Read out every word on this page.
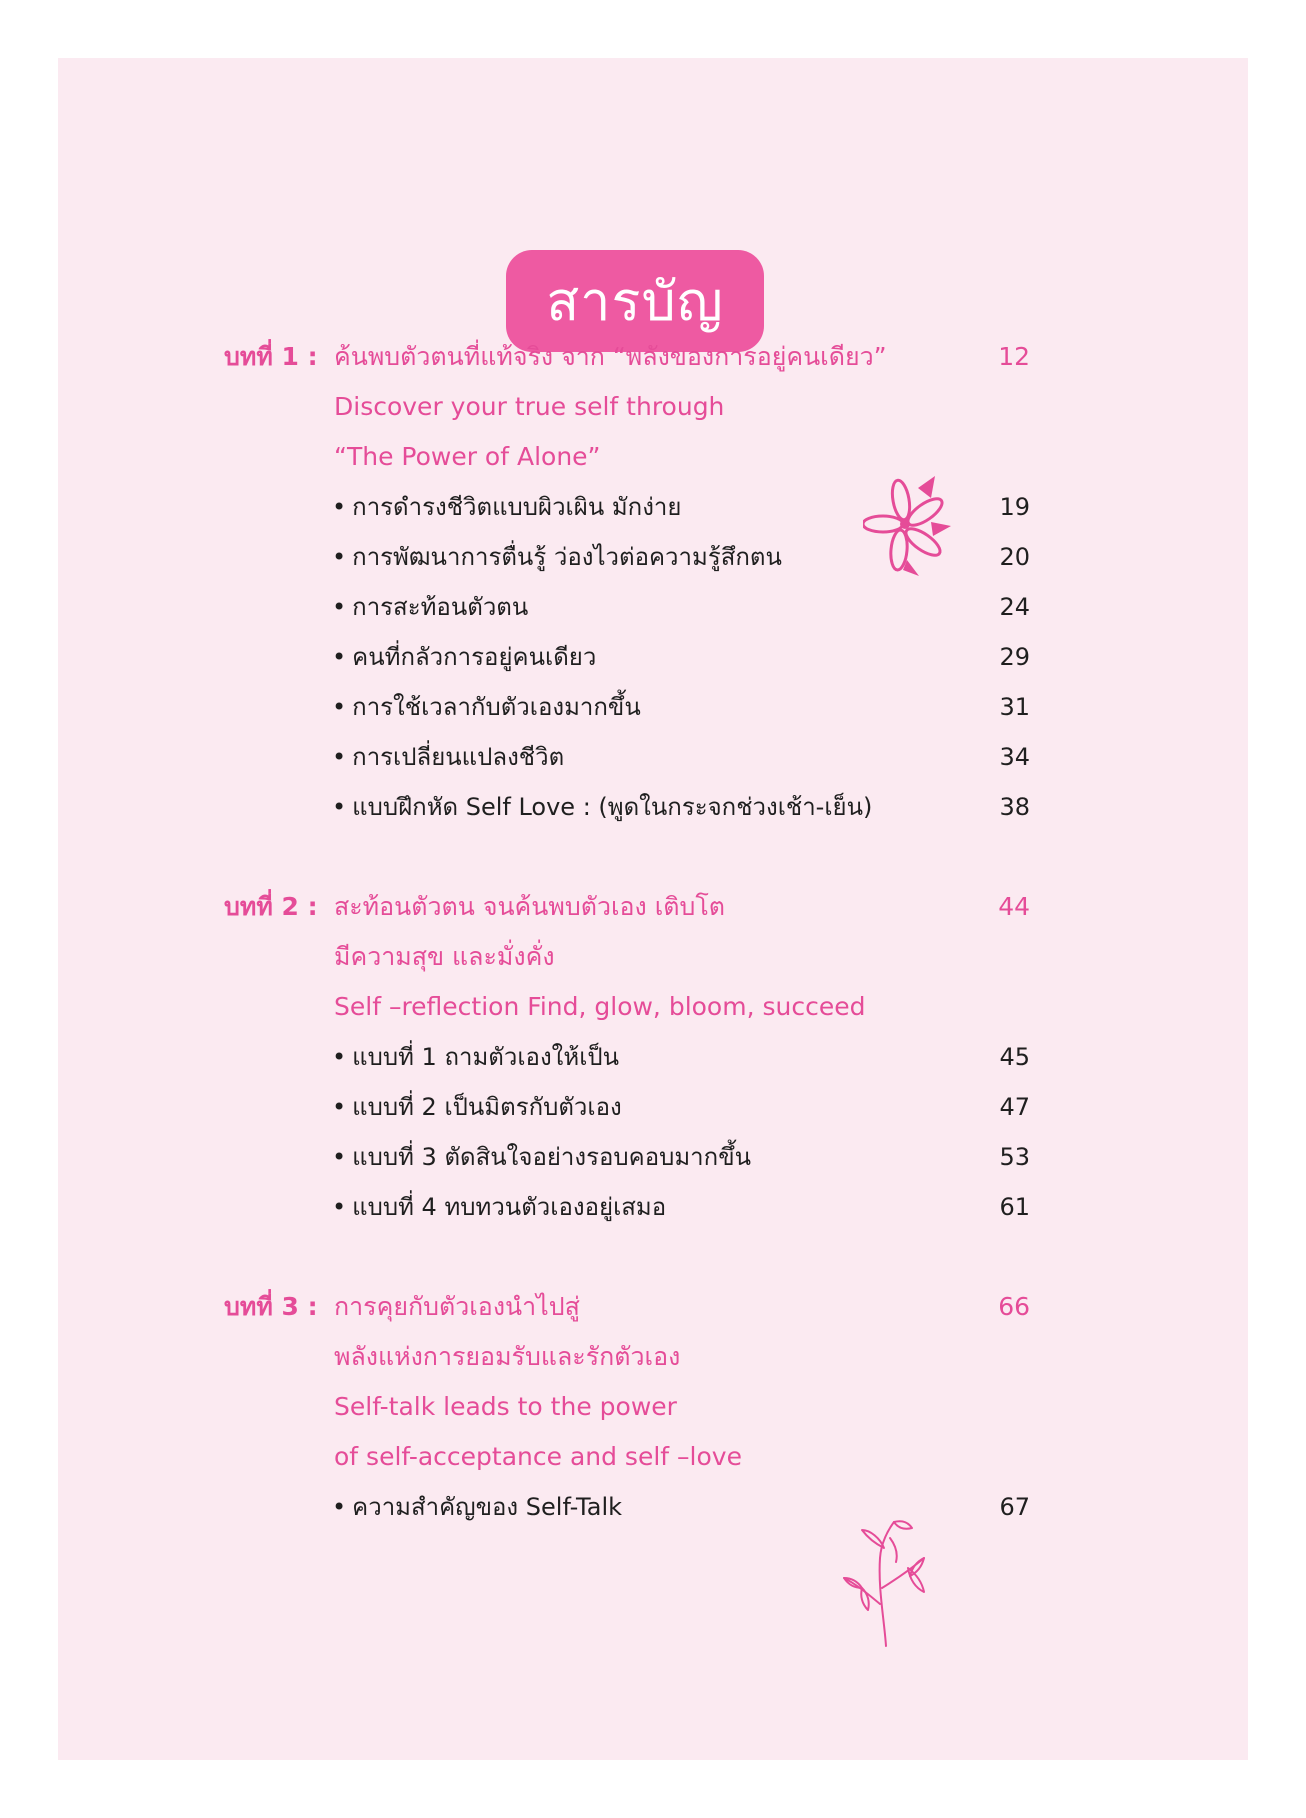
สารบัญ
บทที่ 1 : ค้นพบตัวตนที่แท้จริง จาก “พลังของการอยู่คนเดียว”	12
Discover your true self through
“The Power of Alone”
• การดำรงชีวิตแบบผิวเผิน มักง่าย	19
• การพัฒนาการตื่นรู้ ว่องไวต่อความรู้สึกตน	20
• การสะท้อนตัวตน	24
• คนที่กลัวการอยู่คนเดียว	29
• การใช้เวลากับตัวเองมากขึ้น	31
• การเปลี่ยนแปลงชีวิต	34
• แบบฝึกหัด Self Love : (พูดในกระจกช่วงเช้า-เย็น)	38
บทที่ 2 : สะท้อนตัวตน จนค้นพบตัวเอง เติบโต	44
มีความสุข และมั่งคั่ง
Self –reflection Find, glow, bloom, succeed
• แบบที่ 1 ถามตัวเองให้เป็น	45
• แบบที่ 2 เป็นมิตรกับตัวเอง	47
• แบบที่ 3 ตัดสินใจอย่างรอบคอบมากขึ้น	53
• แบบที่ 4 ทบทวนตัวเองอยู่เสมอ	61
บทที่ 3 : การคุยกับตัวเองนำไปสู่	66
พลังแห่งการยอมรับและรักตัวเอง
Self-talk leads to the power
of self-acceptance and self –love
• ความสำคัญของ Self-Talk	67
